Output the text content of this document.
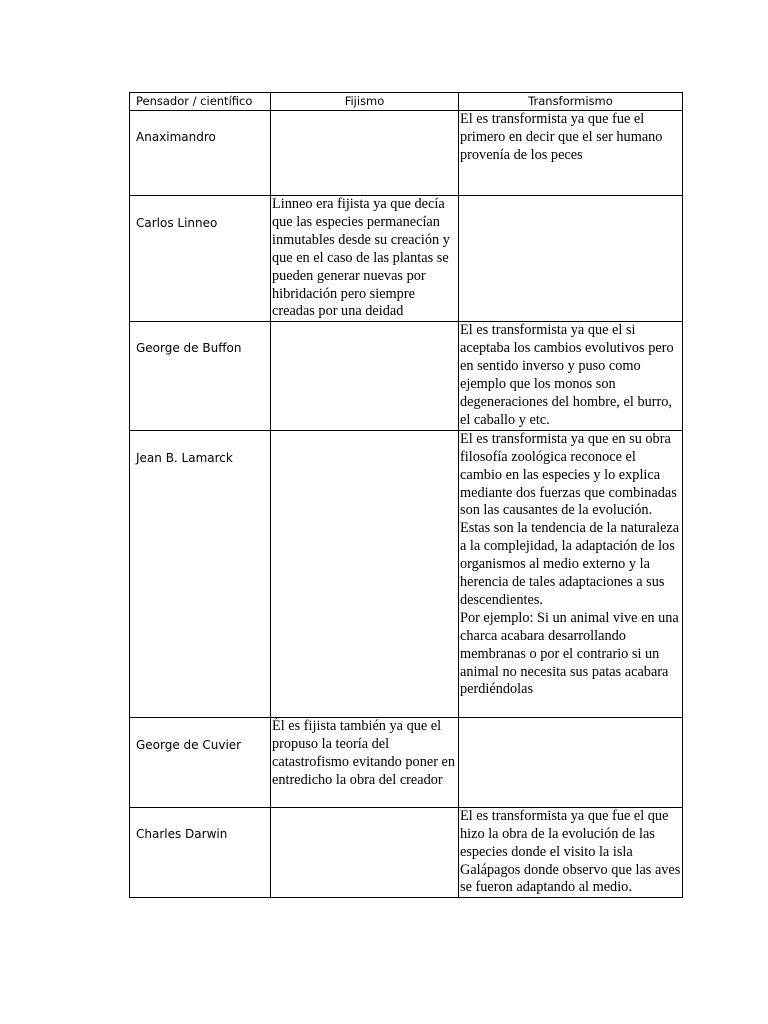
Pensador / científico	Fijismo	Transformismo

Anaximandro		El es transformista ya que fue el primero en decir que el ser humano provenía de los peces

Carlos Linneo	Linneo era fijista ya que decía que las especies permanecían inmutables desde su creación y que en el caso de las plantas se pueden generar nuevas por hibridación pero siempre creadas por una deidad	

George de Buffon		El es transformista ya que el si aceptaba los cambios evolutivos pero en sentido inverso y puso como ejemplo que los monos son degeneraciones del hombre, el burro, el caballo y etc.

Jean B. Lamarck		El es transformista ya que en su obra filosofía zoológica reconoce el cambio en las especies y lo explica mediante dos fuerzas que combinadas son las causantes de la evolución.
Estas son la tendencia de la naturaleza a la complejidad, la adaptación de los organismos al medio externo y la herencia de tales adaptaciones a sus descendientes.
Por ejemplo: Si un animal vive en una charca acabara desarrollando membranas o por el contrario si un animal no necesita sus patas acabara perdiéndolas

George de Cuvier	Él es fijista también ya que el propuso la teoría del catastrofismo evitando poner en entredicho la obra del creador	

Charles Darwin		El es transformista ya que fue el que hizo la obra de la evolución de las especies donde el visito la isla Galápagos donde observo que las aves se fueron adaptando al medio.
